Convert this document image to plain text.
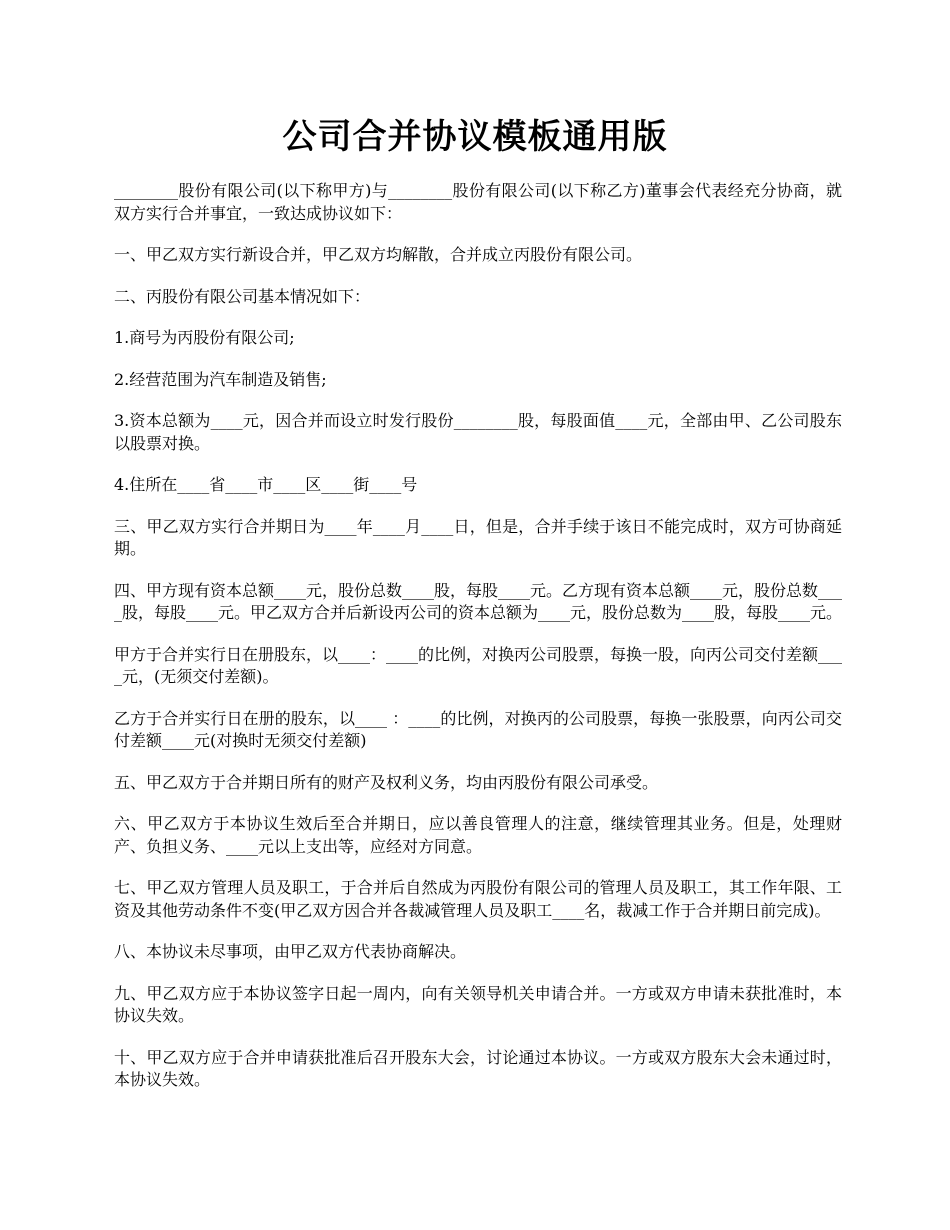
公司合并协议模板通用版

________股份有限公司(以下称甲方)与________股份有限公司(以下称乙方)董事会代表经充分协商，就双方实行合并事宜，一致达成协议如下：

一、甲乙双方实行新设合并，甲乙双方均解散，合并成立丙股份有限公司。

二、丙股份有限公司基本情况如下：

1.商号为丙股份有限公司;

2.经营范围为汽车制造及销售;

3.资本总额为____元，因合并而设立时发行股份________股，每股面值____元，全部由甲、乙公司股东以股票对换。

4.住所在____省____市____区____街____号

三、甲乙双方实行合并期日为____年____月____日，但是，合并手续于该日不能完成时，双方可协商延期。

四、甲方现有资本总额____元，股份总数____股，每股____元。乙方现有资本总额____元，股份总数____股，每股____元。甲乙双方合并后新设丙公司的资本总额为____元，股份总数为____股，每股____元。

甲方于合并实行日在册股东，以____：____的比例，对换丙公司股票，每换一股，向丙公司交付差额____元，(无须交付差额)。

乙方于合并实行日在册的股东，以____ ：____的比例，对换丙的公司股票，每换一张股票，向丙公司交付差额____元(对换时无须交付差额)

五、甲乙双方于合并期日所有的财产及权利义务，均由丙股份有限公司承受。

六、甲乙双方于本协议生效后至合并期日，应以善良管理人的注意，继续管理其业务。但是，处理财产、负担义务、____元以上支出等，应经对方同意。

七、甲乙双方管理人员及职工，于合并后自然成为丙股份有限公司的管理人员及职工，其工作年限、工资及其他劳动条件不变(甲乙双方因合并各裁减管理人员及职工____名，裁减工作于合并期日前完成)。

八、本协议未尽事项，由甲乙双方代表协商解决。

九、甲乙双方应于本协议签字日起一周内，向有关领导机关申请合并。一方或双方申请未获批准时，本协议失效。

十、甲乙双方应于合并申请获批准后召开股东大会，讨论通过本协议。一方或双方股东大会未通过时，本协议失效。
